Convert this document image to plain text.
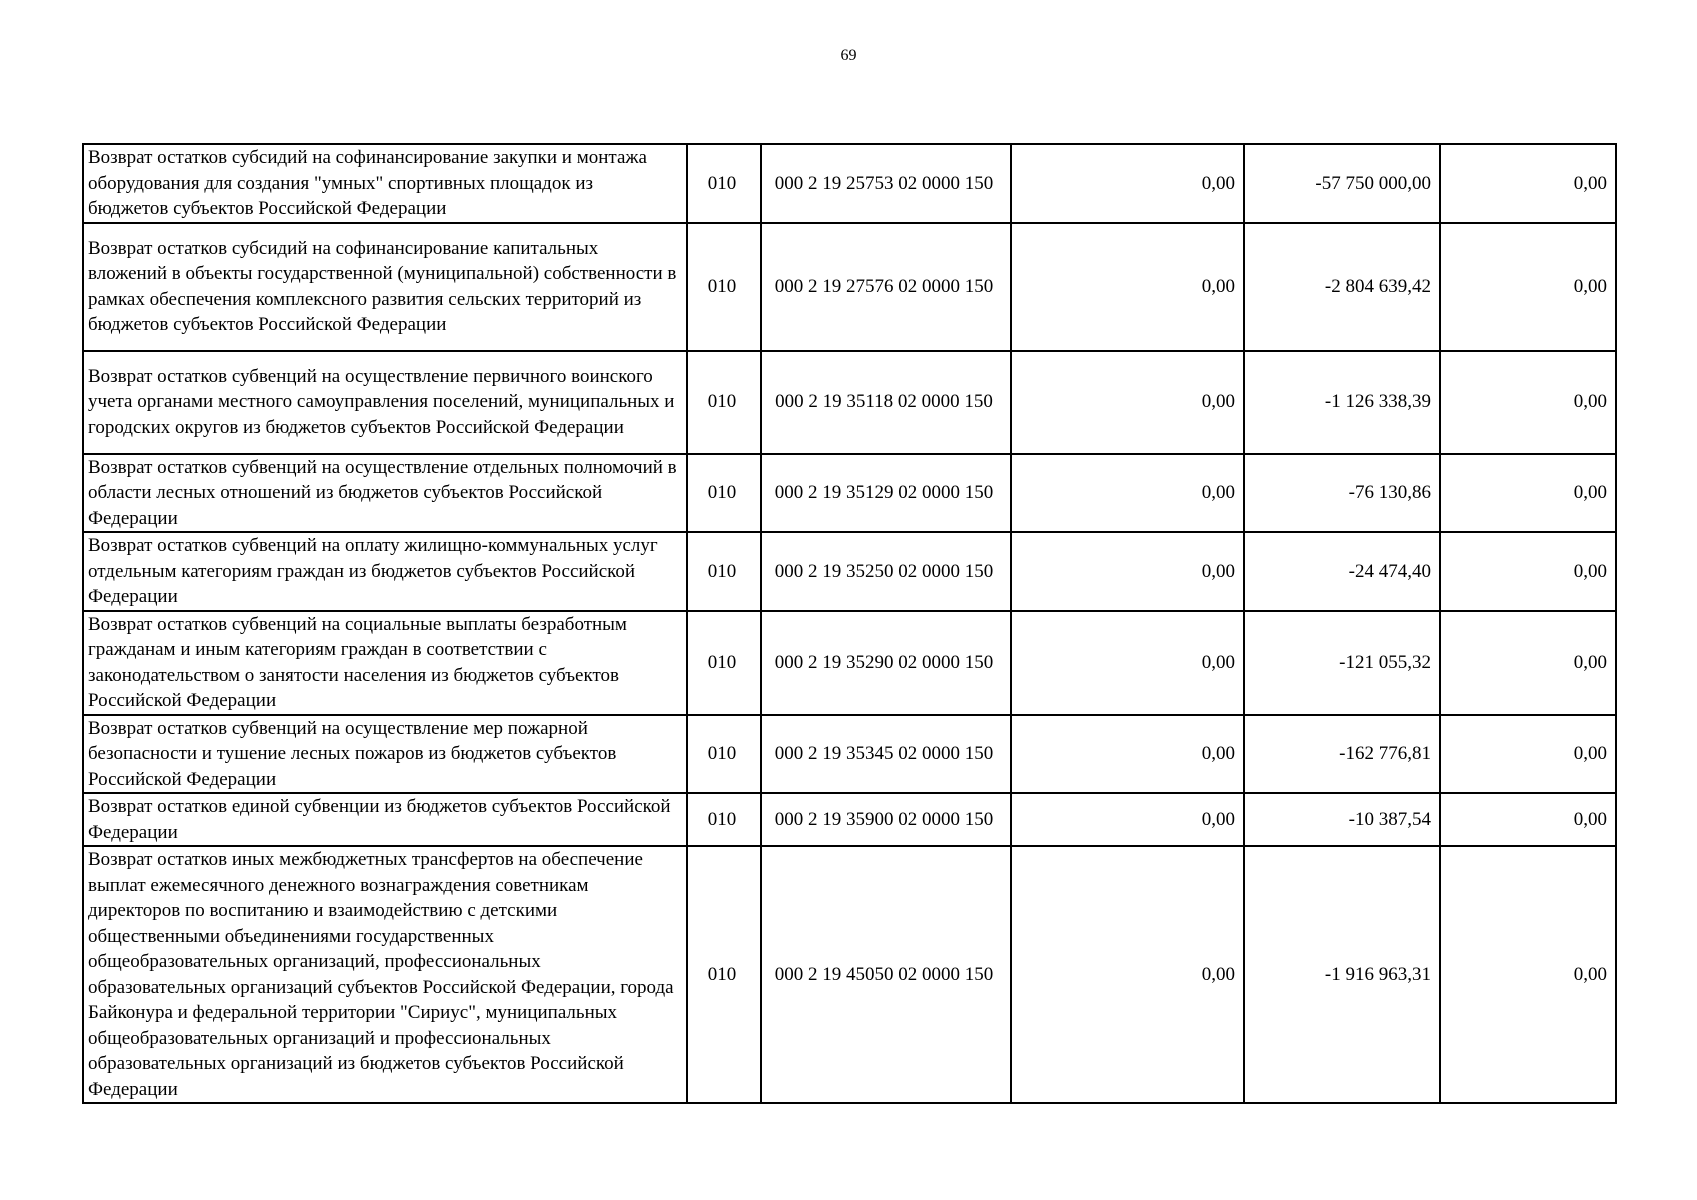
69
Возврат остатков субсидий на софинансирование закупки и монтажа оборудования для создания "умных" спортивных площадок из бюджетов субъектов Российской Федерации	010	000 2 19 25753 02 0000 150	0,00	-57 750 000,00	0,00
Возврат остатков субсидий на софинансирование капитальных вложений в объекты государственной (муниципальной) собственности в рамках обеспечения комплексного развития сельских территорий из бюджетов субъектов Российской Федерации	010	000 2 19 27576 02 0000 150	0,00	-2 804 639,42	0,00
Возврат остатков субвенций на осуществление первичного воинского учета органами местного самоуправления поселений, муниципальных и городских округов из бюджетов субъектов Российской Федерации	010	000 2 19 35118 02 0000 150	0,00	-1 126 338,39	0,00
Возврат остатков субвенций на осуществление отдельных полномочий в области лесных отношений из бюджетов субъектов Российской Федерации	010	000 2 19 35129 02 0000 150	0,00	-76 130,86	0,00
Возврат остатков субвенций на оплату жилищно-коммунальных услуг отдельным категориям граждан из бюджетов субъектов Российской Федерации	010	000 2 19 35250 02 0000 150	0,00	-24 474,40	0,00
Возврат остатков субвенций на социальные выплаты безработным гражданам и иным категориям граждан в соответствии с законодательством о занятости населения из бюджетов субъектов Российской Федерации	010	000 2 19 35290 02 0000 150	0,00	-121 055,32	0,00
Возврат остатков субвенций на осуществление мер пожарной безопасности и тушение лесных пожаров из бюджетов субъектов Российской Федерации	010	000 2 19 35345 02 0000 150	0,00	-162 776,81	0,00
Возврат остатков единой субвенции из бюджетов субъектов Российской Федерации	010	000 2 19 35900 02 0000 150	0,00	-10 387,54	0,00
Возврат остатков иных межбюджетных трансфертов на обеспечение выплат ежемесячного денежного вознаграждения советникам директоров по воспитанию и взаимодействию с детскими общественными объединениями государственных общеобразовательных организаций, профессиональных образовательных организаций субъектов Российской Федерации, города Байконура и федеральной территории "Сириус", муниципальных общеобразовательных организаций и профессиональных образовательных организаций из бюджетов субъектов Российской Федерации	010	000 2 19 45050 02 0000 150	0,00	-1 916 963,31	0,00
